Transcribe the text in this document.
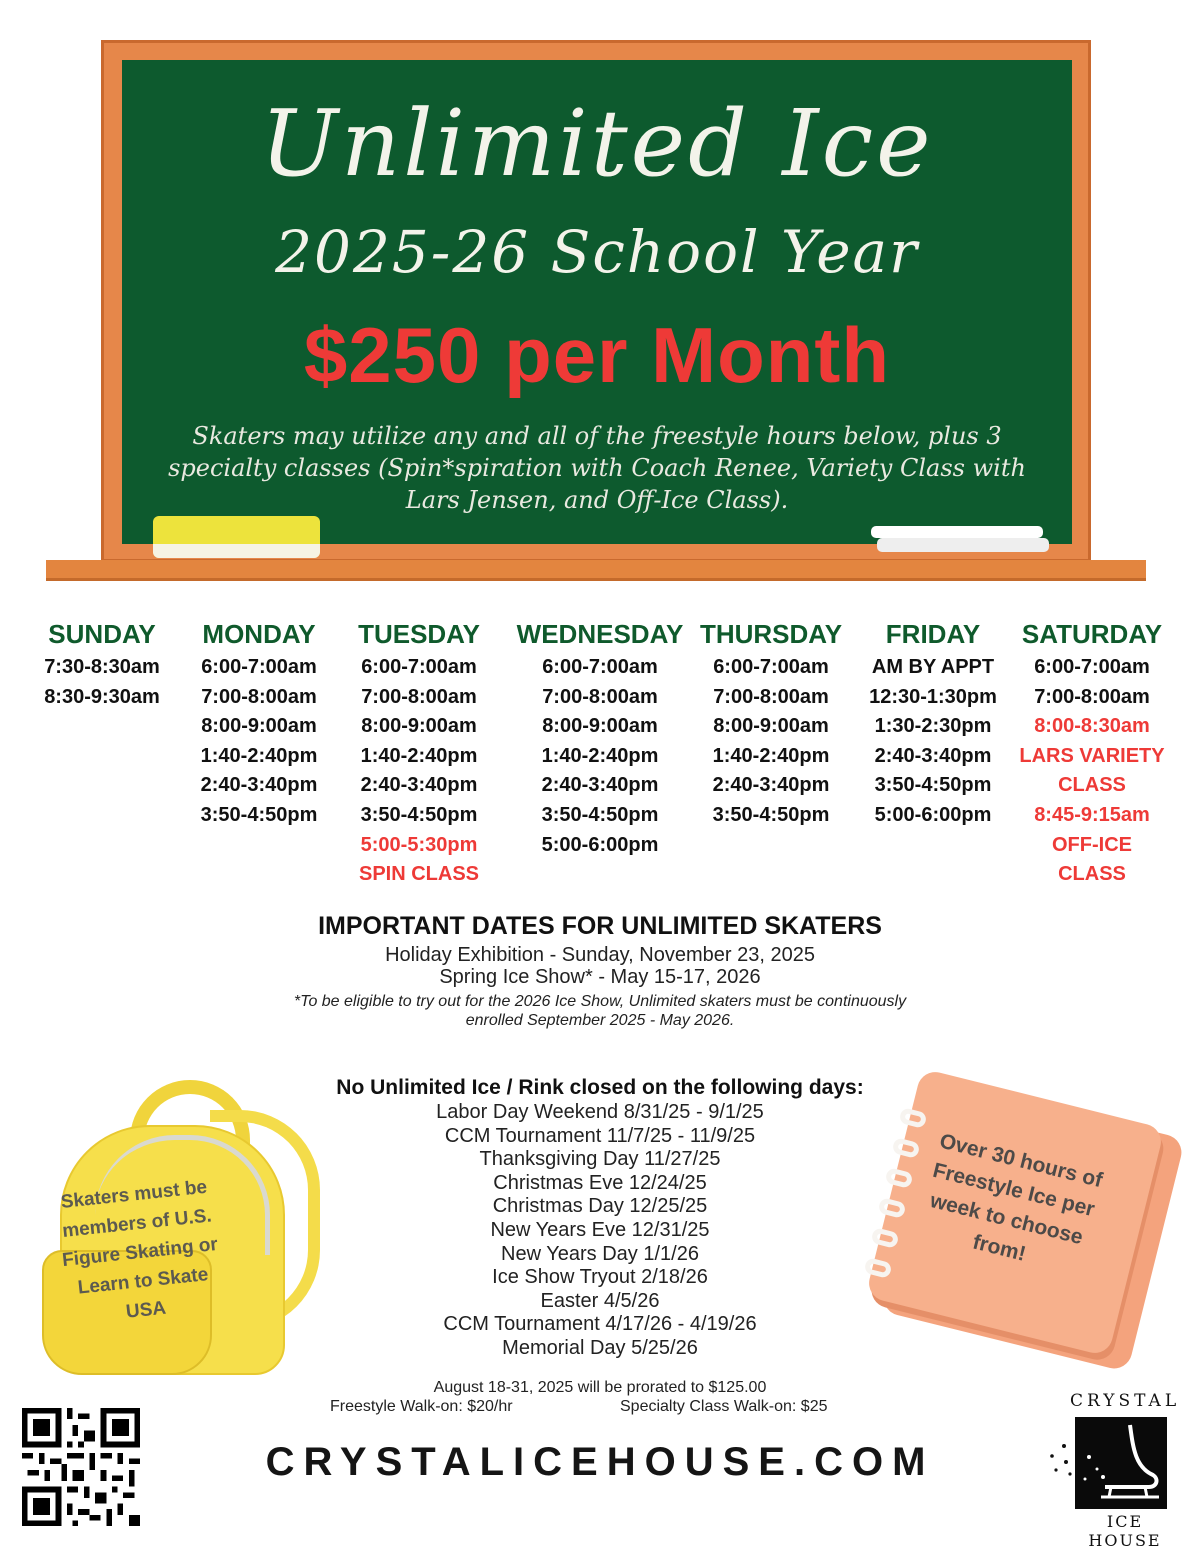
Unlimited Ice
2025-26 School Year
$250 per Month
Skaters may utilize any and all of the freestyle hours below, plus 3 specialty classes (Spin*spiration with Coach Renee, Variety Class with Lars Jensen, and Off-Ice Class).
SUNDAY
7:30-8:30am
8:30-9:30am
MONDAY
6:00-7:00am
7:00-8:00am
8:00-9:00am
1:40-2:40pm
2:40-3:40pm
3:50-4:50pm
TUESDAY
6:00-7:00am
7:00-8:00am
8:00-9:00am
1:40-2:40pm
2:40-3:40pm
3:50-4:50pm
5:00-5:30pm
SPIN CLASS
WEDNESDAY
6:00-7:00am
7:00-8:00am
8:00-9:00am
1:40-2:40pm
2:40-3:40pm
3:50-4:50pm
5:00-6:00pm
THURSDAY
6:00-7:00am
7:00-8:00am
8:00-9:00am
1:40-2:40pm
2:40-3:40pm
3:50-4:50pm
FRIDAY
AM BY APPT
12:30-1:30pm
1:30-2:30pm
2:40-3:40pm
3:50-4:50pm
5:00-6:00pm
SATURDAY
6:00-7:00am
7:00-8:00am
8:00-8:30am
LARS VARIETY
CLASS
8:45-9:15am
OFF-ICE
CLASS
IMPORTANT DATES FOR UNLIMITED SKATERS
Holiday Exhibition - Sunday, November 23, 2025
Spring Ice Show* - May 15-17, 2026
*To be eligible to try out for the 2026 Ice Show, Unlimited skaters must be continuously enrolled September 2025 - May 2026.
No Unlimited Ice / Rink closed on the following days:
Labor Day Weekend 8/31/25 - 9/1/25
CCM Tournament 11/7/25 - 11/9/25
Thanksgiving Day 11/27/25
Christmas Eve 12/24/25
Christmas Day 12/25/25
New Years Eve 12/31/25
New Years Day 1/1/26
Ice Show Tryout 2/18/26
Easter 4/5/26
CCM Tournament 4/17/26 - 4/19/26
Memorial Day 5/25/26
August 18-31, 2025 will be prorated to $125.00
Freestyle Walk-on: $20/hr	Specialty Class Walk-on: $25
CRYSTALICEHOUSE.COM
Skaters must be members of U.S. Figure Skating or Learn to Skate USA
Over 30 hours of Freestyle Ice per week to choose from!
CRYSTAL
ICE HOUSE
